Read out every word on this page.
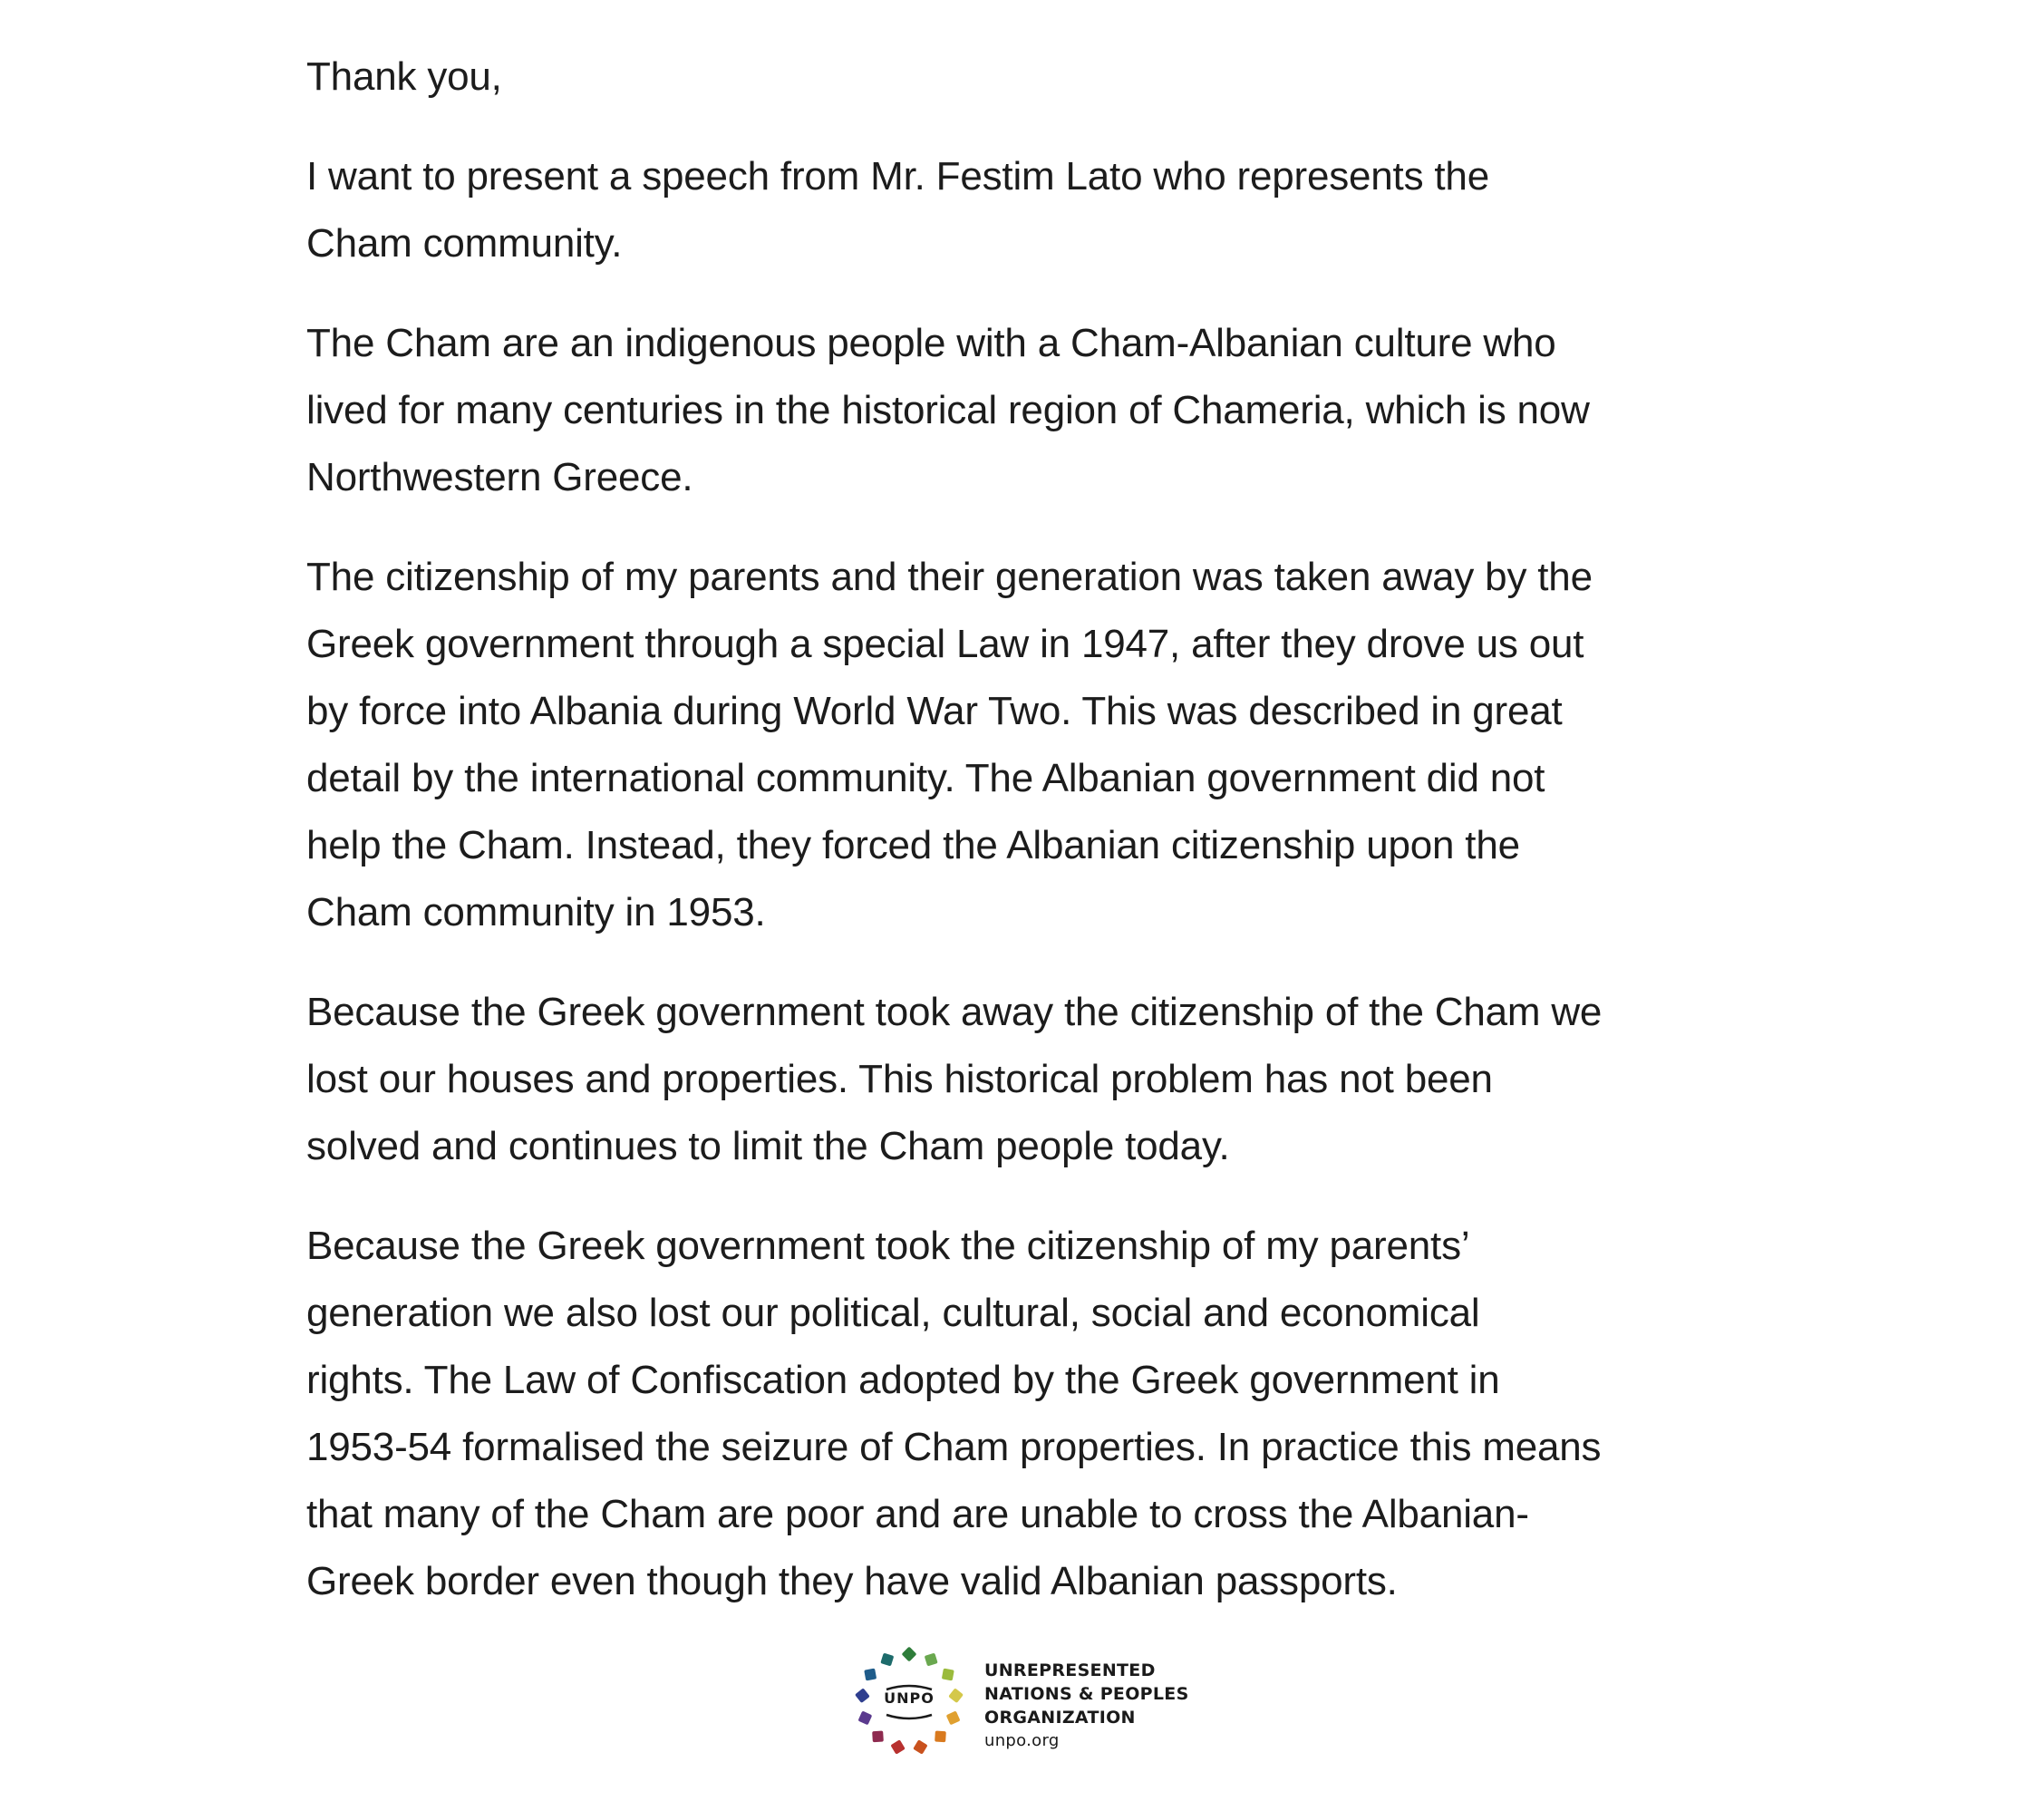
Thank you,

I want to present a speech from Mr. Festim Lato who represents the
Cham community.

The Cham are an indigenous people with a Cham-Albanian culture who
lived for many centuries in the historical region of Chameria, which is now
Northwestern Greece.

The citizenship of my parents and their generation was taken away by the
Greek government through a special Law in 1947, after they drove us out
by force into Albania during World War Two. This was described in great
detail by the international community. The Albanian government did not
help the Cham. Instead, they forced the Albanian citizenship upon the
Cham community in 1953.

Because the Greek government took away the citizenship of the Cham we
lost our houses and properties. This historical problem has not been
solved and continues to limit the Cham people today.

Because the Greek government took the citizenship of my parents’
generation we also lost our political, cultural, social and economical
rights. The Law of Confiscation adopted by the Greek government in
1953-54 formalised the seizure of Cham properties. In practice this means
that many of the Cham are poor and are unable to cross the Albanian-
Greek border even though they have valid Albanian passports.

UNPO
UNREPRESENTED
NATIONS & PEOPLES
ORGANIZATION
unpo.org
